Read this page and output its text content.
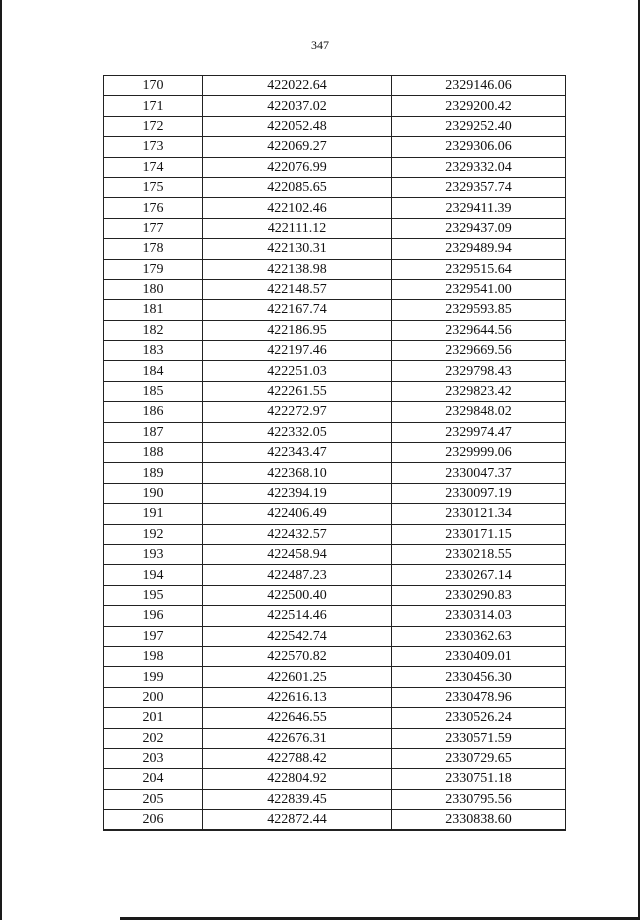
347
170	422022.64	2329146.06
171	422037.02	2329200.42
172	422052.48	2329252.40
173	422069.27	2329306.06
174	422076.99	2329332.04
175	422085.65	2329357.74
176	422102.46	2329411.39
177	422111.12	2329437.09
178	422130.31	2329489.94
179	422138.98	2329515.64
180	422148.57	2329541.00
181	422167.74	2329593.85
182	422186.95	2329644.56
183	422197.46	2329669.56
184	422251.03	2329798.43
185	422261.55	2329823.42
186	422272.97	2329848.02
187	422332.05	2329974.47
188	422343.47	2329999.06
189	422368.10	2330047.37
190	422394.19	2330097.19
191	422406.49	2330121.34
192	422432.57	2330171.15
193	422458.94	2330218.55
194	422487.23	2330267.14
195	422500.40	2330290.83
196	422514.46	2330314.03
197	422542.74	2330362.63
198	422570.82	2330409.01
199	422601.25	2330456.30
200	422616.13	2330478.96
201	422646.55	2330526.24
202	422676.31	2330571.59
203	422788.42	2330729.65
204	422804.92	2330751.18
205	422839.45	2330795.56
206	422872.44	2330838.60
